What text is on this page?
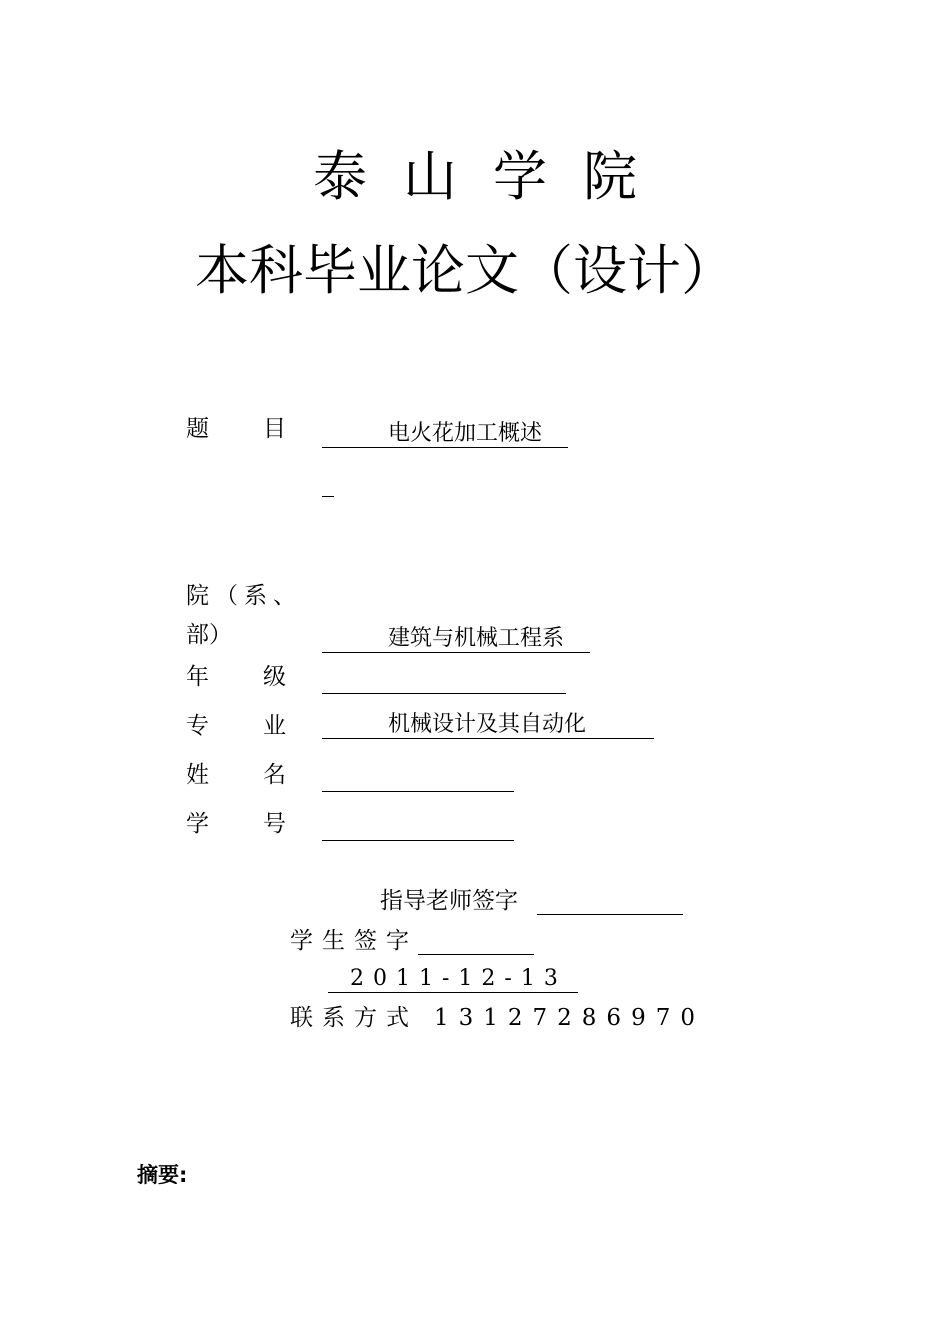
泰山学院
本科毕业论文（设计）
题 目	电火花加工概述
院（系、
部）	建筑与机械工程系
年 级
专 业	机械设计及其自动化
姓 名
学 号
指导老师签字
学生签字
2011-12-13
联系方式 13127286970
摘要:
